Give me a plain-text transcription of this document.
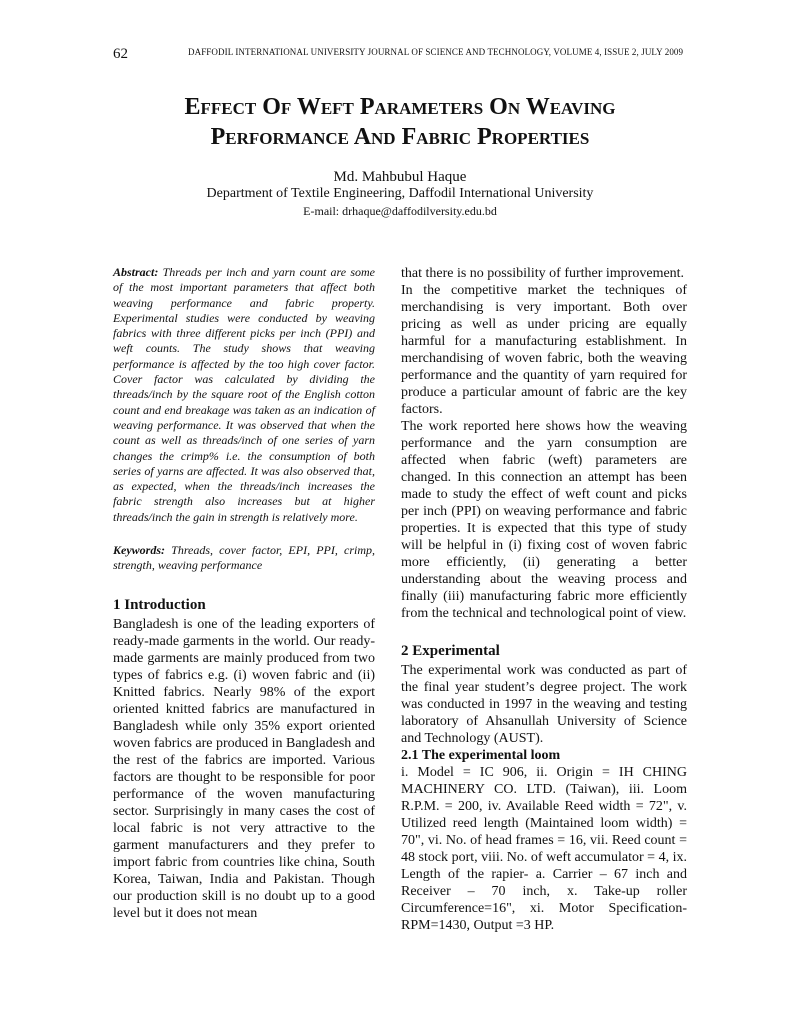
62	DAFFODIL INTERNATIONAL UNIVERSITY JOURNAL OF SCIENCE AND TECHNOLOGY, VOLUME 4, ISSUE 2, JULY 2009
Effect Of Weft Parameters On Weaving
Performance And Fabric Properties
Md. Mahbubul Haque
Department of Textile Engineering, Daffodil International University
E-mail: drhaque@daffodilversity.edu.bd

Abstract: Threads per inch and yarn count are some of the most important parameters that affect both weaving performance and fabric property. Experimental studies were conducted by weaving fabrics with three different picks per inch (PPI) and weft counts. The study shows that weaving performance is affected by the too high cover factor. Cover factor was calculated by dividing the threads/inch by the square root of the English cotton count and end breakage was taken as an indication of weaving performance. It was observed that when the count as well as threads/inch of one series of yarn changes the crimp% i.e. the consumption of both series of yarns are affected. It was also observed that, as expected, when the threads/inch increases the fabric strength also increases but at higher threads/inch the gain in strength is relatively more.

Keywords: Threads, cover factor, EPI, PPI, crimp, strength, weaving performance

1 Introduction

Bangladesh is one of the leading exporters of ready-made garments in the world. Our ready-made garments are mainly produced from two types of fabrics e.g. (i) woven fabric and (ii) Knitted fabrics. Nearly 98% of the export oriented knitted fabrics are manufactured in Bangladesh while only 35% export oriented woven fabrics are produced in Bangladesh and the rest of the fabrics are imported. Various factors are thought to be responsible for poor performance of the woven manufacturing sector. Surprisingly in many cases the cost of local fabric is not very attractive to the garment manufacturers and they prefer to import fabric from countries like china, South Korea, Taiwan, India and Pakistan. Though our production skill is no doubt up to a good level but it does not mean

that there is no possibility of further improvement.

In the competitive market the techniques of merchandising is very important. Both over pricing as well as under pricing are equally harmful for a manufacturing establishment. In merchandising of woven fabric, both the weaving performance and the quantity of yarn required for produce a particular amount of fabric are the key factors.

The work reported here shows how the weaving performance and the yarn consumption are affected when fabric (weft) parameters are changed. In this connection an attempt has been made to study the effect of weft count and picks per inch (PPI) on weaving performance and fabric properties. It is expected that this type of study will be helpful in (i) fixing cost of woven fabric more efficiently, (ii) generating a better understanding about the weaving process and finally (iii) manufacturing fabric more efficiently from the technical and technological point of view.

2 Experimental

The experimental work was conducted as part of the final year student’s degree project. The work was conducted in 1997 in the weaving and testing laboratory of Ahsanullah University of Science and Technology (AUST).

2.1 The experimental loom

i. Model = IC 906, ii. Origin = IH CHING MACHINERY CO. LTD. (Taiwan), iii. Loom R.P.M. = 200, iv. Available Reed width = 72", v. Utilized reed length (Maintained loom width) = 70", vi. No. of head frames = 16, vii. Reed count = 48 stock port, viii. No. of weft accumulator = 4, ix. Length of the rapier- a. Carrier – 67 inch and Receiver – 70 inch, x. Take-up roller Circumference=16", xi. Motor Specification-RPM=1430, Output =3 HP.
